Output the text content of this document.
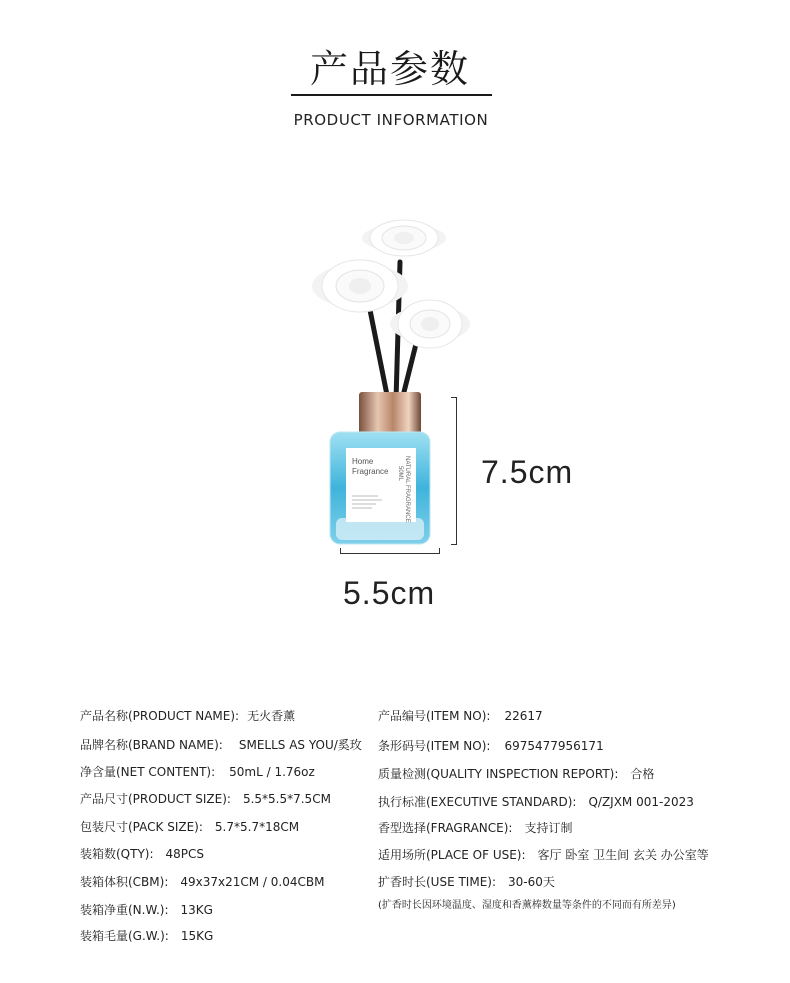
产品参数
PRODUCT INFORMATION
Home
Fragrance	NATURAL FRAGRANCE
50ML 7.5cm
5.5cm
产品名称(PRODUCT NAME): 无火香薰
品牌名称(BRAND NAME): SMELLS AS YOU/奚玫
净含量(NET CONTENT): 50mL / 1.76oz
产品尺寸(PRODUCT SIZE): 5.5*5.5*7.5CM
包装尺寸(PACK SIZE): 5.7*5.7*18CM
装箱数(QTY): 48PCS
装箱体积(CBM): 49x37x21CM / 0.04CBM
装箱净重(N.W.): 13KG
装箱毛量(G.W.): 15KG
产品编号(ITEM NO): 22617
条形码号(ITEM NO): 6975477956171
质量检测(QUALITY INSPECTION REPORT): 合格
执行标准(EXECUTIVE STANDARD): Q/ZJXM 001-2023
香型选择(FRAGRANCE): 支持订制
适用场所(PLACE OF USE): 客厅 卧室 卫生间 玄关 办公室等
扩香时长(USE TIME): 30-60天
(扩香时长因环境温度、湿度和香薰棒数量等条件的不同而有所差异)
